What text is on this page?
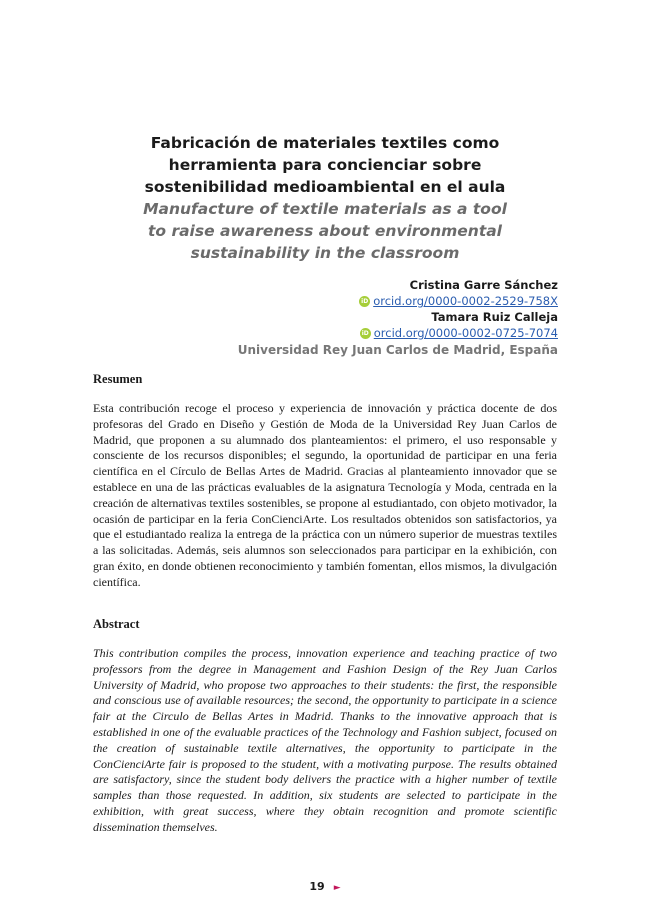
Fabricación de materiales textiles como
herramienta para concienciar sobre
sostenibilidad medioambiental en el aula

Manufacture of textile materials as a tool
to raise awareness about environmental
sustainability in the classroom

Cristina Garre Sánchez
iD orcid.org/0000-0002-2529-758X
Tamara Ruiz Calleja
iD orcid.org/0000-0002-0725-7074
Universidad Rey Juan Carlos de Madrid, España

Resumen

Esta contribución recoge el proceso y experiencia de innovación y práctica docente de dos profesoras del Grado en Diseño y Gestión de Moda de la Universidad Rey Juan Carlos de Madrid, que proponen a su alumnado dos planteamientos: el primero, el uso responsable y consciente de los recursos disponibles; el segundo, la oportunidad de participar en una feria científica en el Círculo de Bellas Artes de Madrid. Gracias al planteamiento innovador que se establece en una de las prácticas evaluables de la asignatura Tecnología y Moda, centrada en la creación de alternativas textiles sostenibles, se propone al estudiantado, con objeto motivador, la ocasión de participar en la feria ConCienciArte. Los resultados obtenidos son satisfactorios, ya que el estudiantado realiza la entrega de la práctica con un número superior de muestras textiles a las solicitadas. Además, seis alumnos son seleccionados para participar en la exhibición, con gran éxito, en donde obtienen reconocimiento y también fomentan, ellos mismos, la divulgación científica.

Abstract

This contribution compiles the process, innovation experience and teaching practice of two professors from the degree in Management and Fashion Design of the Rey Juan Carlos University of Madrid, who propose two approaches to their students: the first, the responsible and conscious use of available resources; the second, the opportunity to participate in a science fair at the Circulo de Bellas Artes in Madrid. Thanks to the innovative approach that is established in one of the evaluable practices of the Technology and Fashion subject, focused on the creation of sustainable textile alternatives, the opportunity to participate in the ConCienciArte fair is proposed to the student, with a motivating purpose. The results obtained are satisfactory, since the student body delivers the practice with a higher number of textile samples than those requested. In addition, six students are selected to participate in the exhibition, with great success, where they obtain recognition and promote scientific dissemination themselves.

19 ►
